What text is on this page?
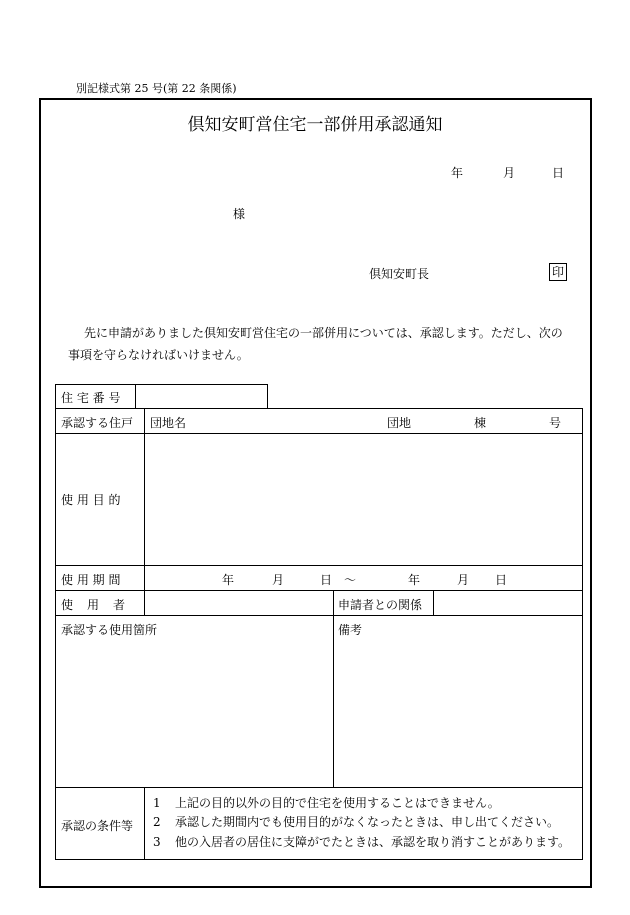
別記様式第 25 号(第 22 条関係)
倶知安町営住宅一部併用承認通知
年	月	日
様
倶知安町長	印
先に申請がありました倶知安町営住宅の一部併用については、承認します。ただし、次の
事項を守らなければいけません。
住 宅 番 号
承認する住戸 団地名	団地	棟	号
使 用 目 的
使 用 期 間	年	月	日 ～	年	月 日
使　用　者	申請者との関係
承認する使用箇所	備考
承認の条件等
1 上記の目的以外の目的で住宅を使用することはできません。
2 承認した期間内でも使用目的がなくなったときは、申し出てください。
3 他の入居者の居住に支障がでたときは、承認を取り消すことがあります。
